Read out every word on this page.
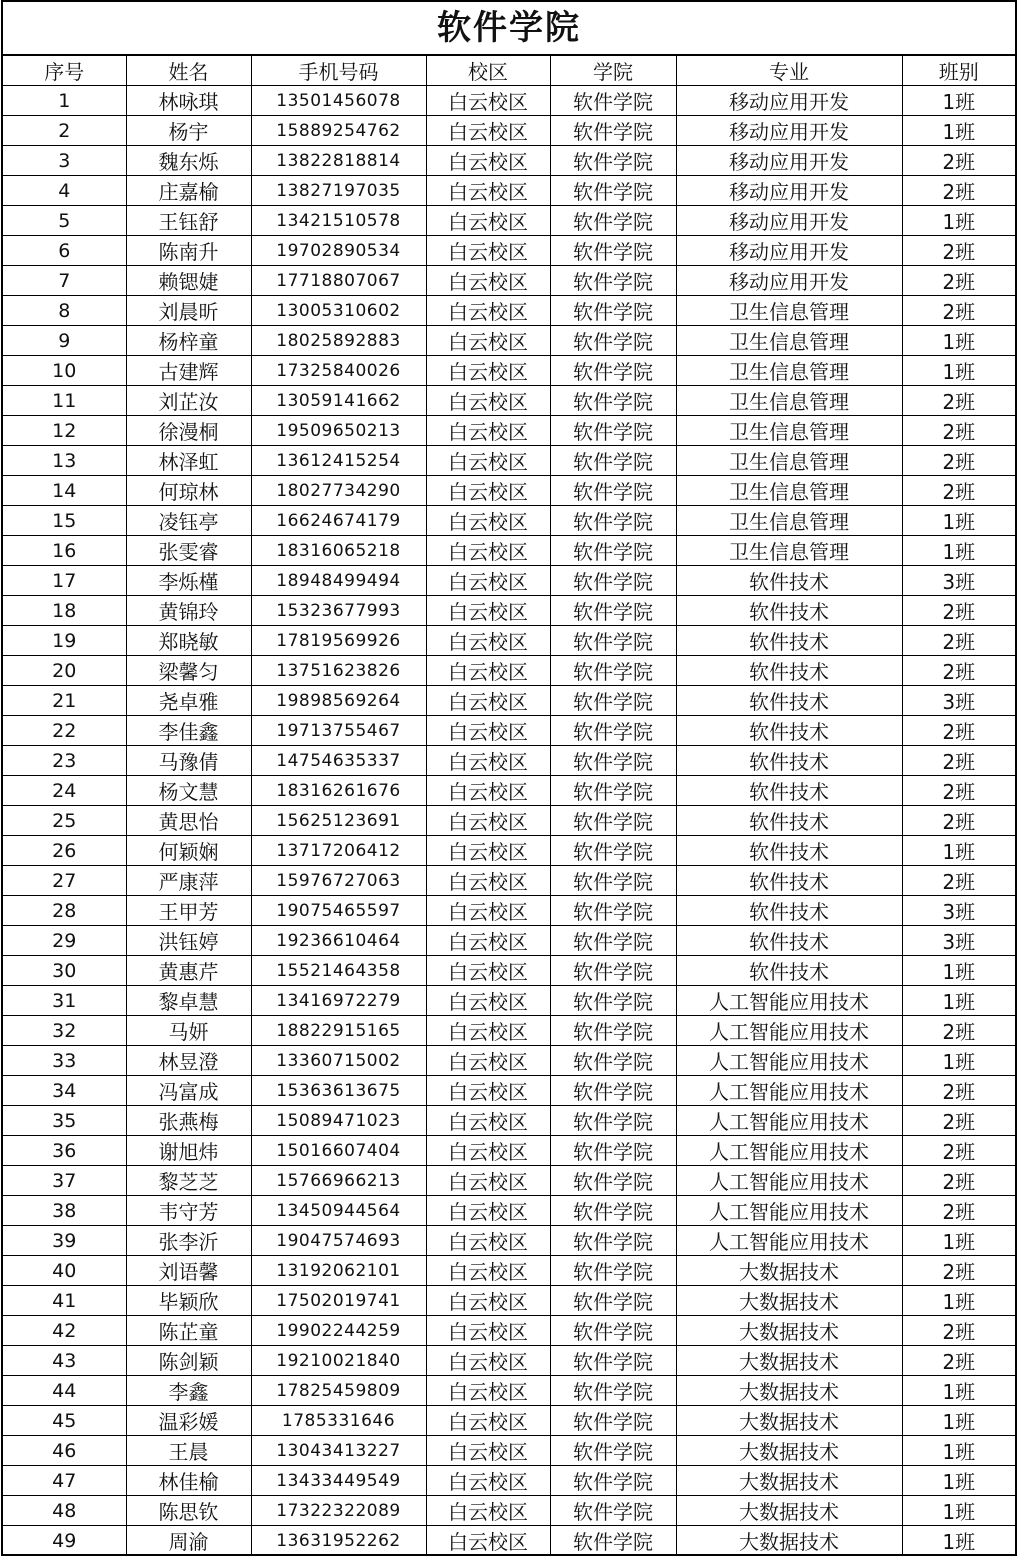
软件学院
序号	姓名	手机号码	校区	学院	专业	班别
1	林咏琪	13501456078	白云校区	软件学院	移动应用开发	1班
2	杨宇	15889254762	白云校区	软件学院	移动应用开发	1班
3	魏东烁	13822818814	白云校区	软件学院	移动应用开发	2班
4	庄嘉榆	13827197035	白云校区	软件学院	移动应用开发	2班
5	王钰舒	13421510578	白云校区	软件学院	移动应用开发	1班
6	陈南升	19702890534	白云校区	软件学院	移动应用开发	2班
7	赖锶婕	17718807067	白云校区	软件学院	移动应用开发	2班
8	刘晨昕	13005310602	白云校区	软件学院	卫生信息管理	2班
9	杨梓童	18025892883	白云校区	软件学院	卫生信息管理	1班
10	古建辉	17325840026	白云校区	软件学院	卫生信息管理	1班
11	刘芷汝	13059141662	白云校区	软件学院	卫生信息管理	2班
12	徐漫桐	19509650213	白云校区	软件学院	卫生信息管理	2班
13	林泽虹	13612415254	白云校区	软件学院	卫生信息管理	2班
14	何琼林	18027734290	白云校区	软件学院	卫生信息管理	2班
15	凌钰亭	16624674179	白云校区	软件学院	卫生信息管理	1班
16	张雯睿	18316065218	白云校区	软件学院	卫生信息管理	1班
17	李烁槿	18948499494	白云校区	软件学院	软件技术	3班
18	黄锦玲	15323677993	白云校区	软件学院	软件技术	2班
19	郑晓敏	17819569926	白云校区	软件学院	软件技术	2班
20	梁馨匀	13751623826	白云校区	软件学院	软件技术	2班
21	尧卓雅	19898569264	白云校区	软件学院	软件技术	3班
22	李佳鑫	19713755467	白云校区	软件学院	软件技术	2班
23	马豫倩	14754635337	白云校区	软件学院	软件技术	2班
24	杨文慧	18316261676	白云校区	软件学院	软件技术	2班
25	黄思怡	15625123691	白云校区	软件学院	软件技术	2班
26	何颖娴	13717206412	白云校区	软件学院	软件技术	1班
27	严康萍	15976727063	白云校区	软件学院	软件技术	2班
28	王甲芳	19075465597	白云校区	软件学院	软件技术	3班
29	洪钰婷	19236610464	白云校区	软件学院	软件技术	3班
30	黄惠芹	15521464358	白云校区	软件学院	软件技术	1班
31	黎卓慧	13416972279	白云校区	软件学院	人工智能应用技术	1班
32	马妍	18822915165	白云校区	软件学院	人工智能应用技术	2班
33	林昱澄	13360715002	白云校区	软件学院	人工智能应用技术	1班
34	冯富成	15363613675	白云校区	软件学院	人工智能应用技术	2班
35	张燕梅	15089471023	白云校区	软件学院	人工智能应用技术	2班
36	谢旭炜	15016607404	白云校区	软件学院	人工智能应用技术	2班
37	黎芝芝	15766966213	白云校区	软件学院	人工智能应用技术	2班
38	韦守芳	13450944564	白云校区	软件学院	人工智能应用技术	2班
39	张李沂	19047574693	白云校区	软件学院	人工智能应用技术	1班
40	刘语馨	13192062101	白云校区	软件学院	大数据技术	2班
41	毕颖欣	17502019741	白云校区	软件学院	大数据技术	1班
42	陈芷童	19902244259	白云校区	软件学院	大数据技术	2班
43	陈剑颖	19210021840	白云校区	软件学院	大数据技术	2班
44	李鑫	17825459809	白云校区	软件学院	大数据技术	1班
45	温彩媛	1785331646	白云校区	软件学院	大数据技术	1班
46	王晨	13043413227	白云校区	软件学院	大数据技术	1班
47	林佳榆	13433449549	白云校区	软件学院	大数据技术	1班
48	陈思钦	17322322089	白云校区	软件学院	大数据技术	1班
49	周渝	13631952262	白云校区	软件学院	大数据技术	1班
